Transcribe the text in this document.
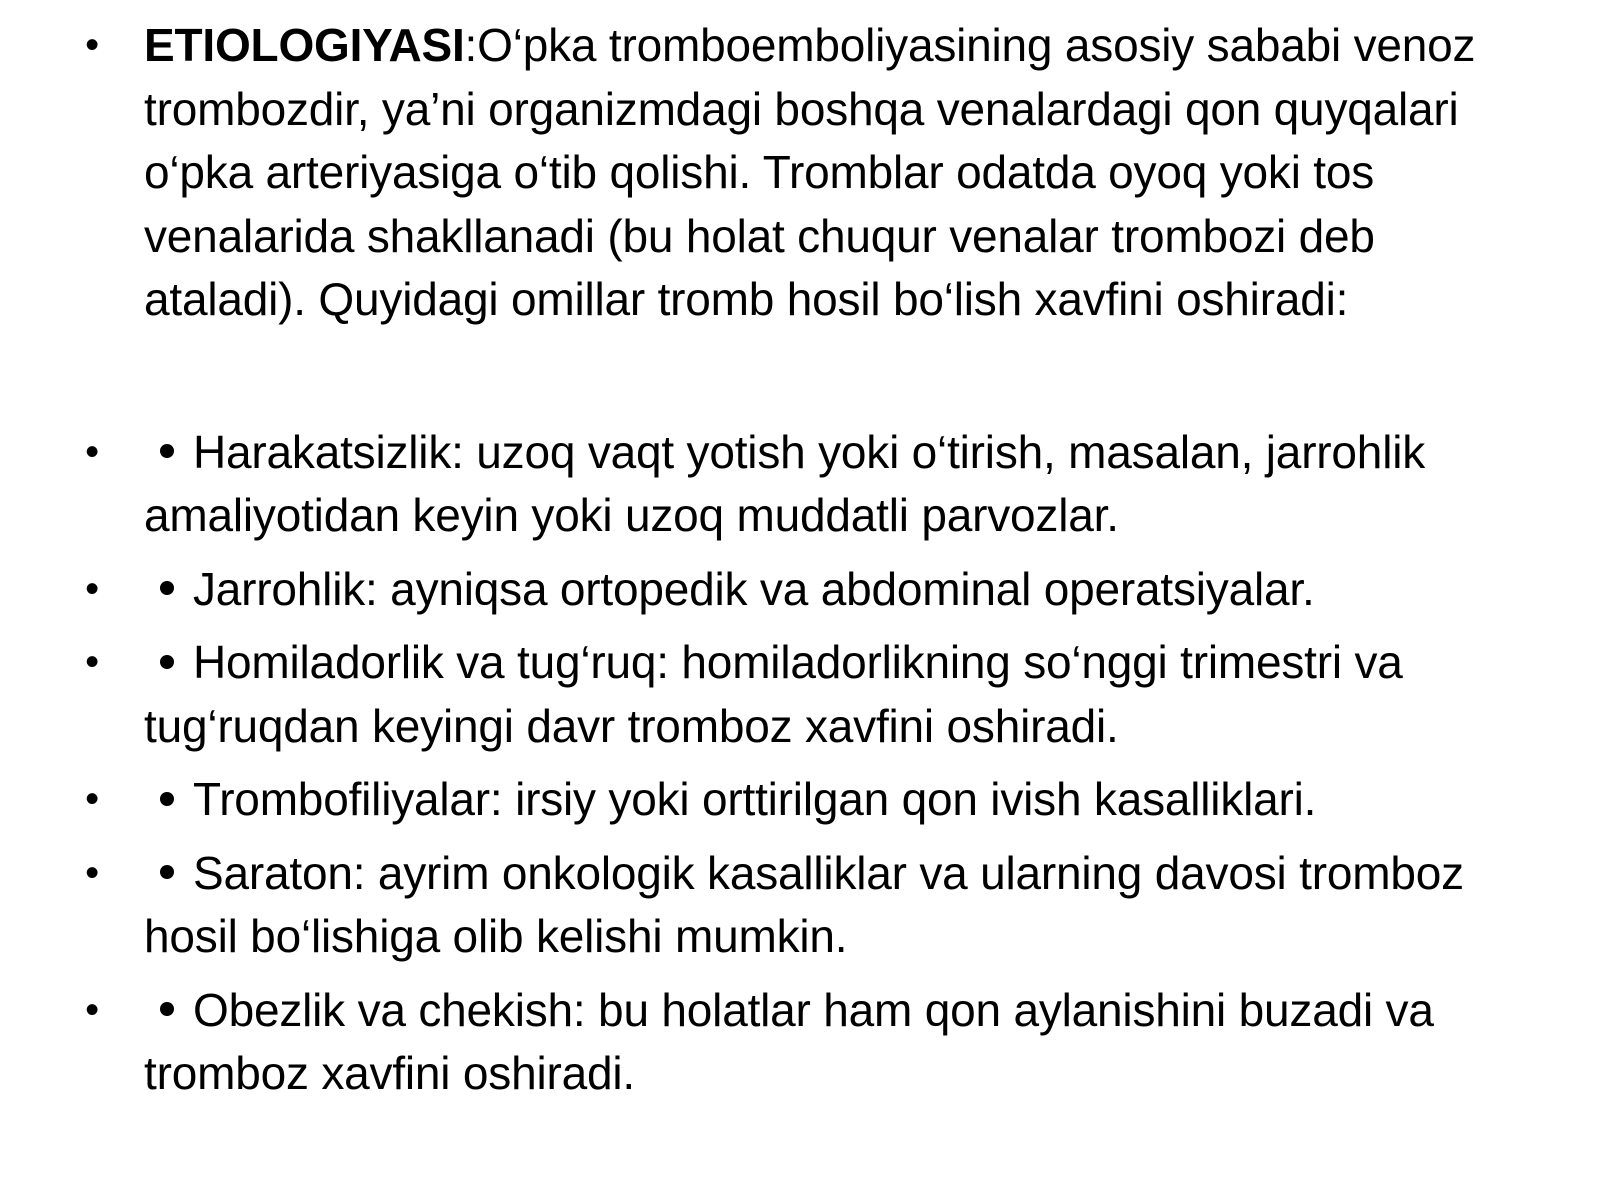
• ETIOLOGIYASI:O‘pka tromboemboliyasining asosiy sababi venoz trombozdir, ya’ni organizmdagi boshqa venalardagi qon quyqalari o‘pka arteriyasiga o‘tib qolishi. Tromblar odatda oyoq yoki tos venalarida shakllanadi (bu holat chuqur venalar trombozi deb ataladi). Quyidagi omillar tromb hosil bo‘lish xavfini oshiradi:
• Harakatsizlik: uzoq vaqt yotish yoki o‘tirish, masalan, jarrohlik amaliyotidan keyin yoki uzoq muddatli parvozlar.
• Jarrohlik: ayniqsa ortopedik va abdominal operatsiyalar.
• Homiladorlik va tug‘ruq: homiladorlikning so‘nggi trimestri va tug‘ruqdan keyingi davr tromboz xavfini oshiradi.
• Trombofiliyalar: irsiy yoki orttirilgan qon ivish kasalliklari.
• Saraton: ayrim onkologik kasalliklar va ularning davosi tromboz hosil bo‘lishiga olib kelishi mumkin.
• Obezlik va chekish: bu holatlar ham qon aylanishini buzadi va tromboz xavfini oshiradi.
